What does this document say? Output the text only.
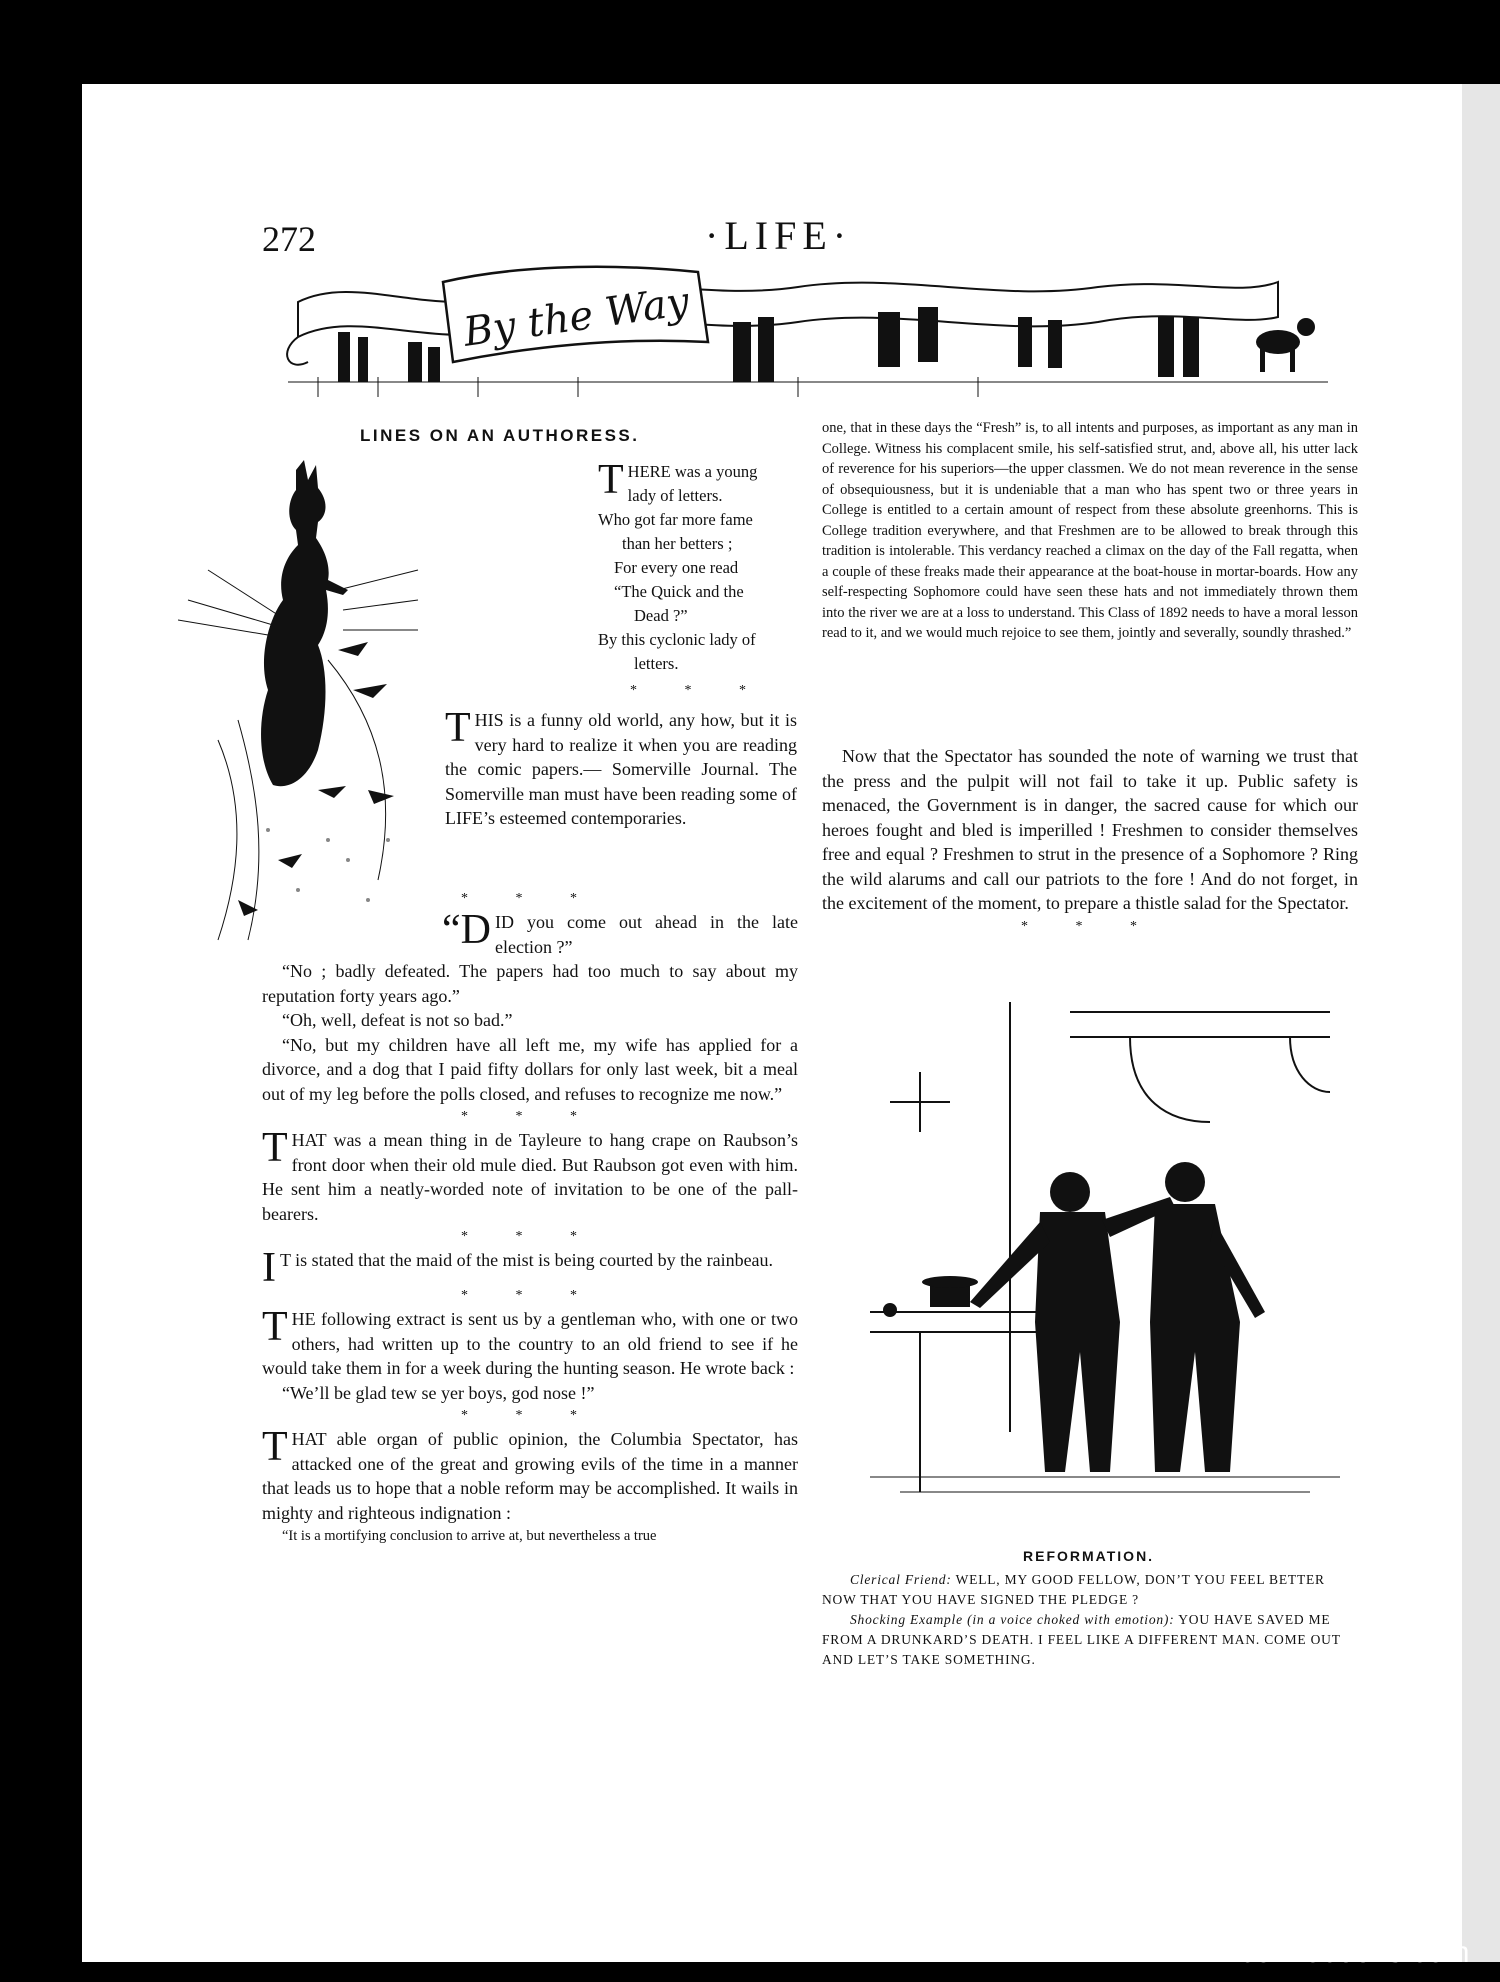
272	·LIFE·
By the Way
LINES ON AN AUTHORESS.
THERE was a young
lady of letters.
Who got far more fame
than her betters ;
For every one read
“The Quick and the
Dead ?”
By this cyclonic lady of
letters.
* * *

THIS is a funny old world, any how, but it is very hard to realize it when you are reading the comic papers.— Somerville Journal. The Somerville man must have been reading some of LIFE’s esteemed contemporaries.

* * *

“DID you come out ahead in the late election ?”

“No ; badly defeated. The papers had too much to say about my reputation forty years ago.”

“Oh, well, defeat is not so bad.”

“No, but my children have all left me, my wife has applied for a divorce, and a dog that I paid fifty dollars for only last week, bit a meal out of my leg before the polls closed, and refuses to recognize me now.”

* * *

THAT was a mean thing in de Tayleure to hang crape on Raubson’s front door when their old mule died. But Raubson got even with him. He sent him a neatly-worded note of invitation to be one of the pall-bearers.

* * *

I T is stated that the maid of the mist is being courted by the rainbeau.

* * *

THE following extract is sent us by a gentleman who, with one or two others, had written up to the country to an old friend to see if he would take them in for a week during the hunting season. He wrote back :

“We’ll be glad tew se yer boys, god nose !”

* * *

THAT able organ of public opinion, the Columbia Spectator, has attacked one of the great and growing evils of the time in a manner that leads us to hope that a noble reform may be accomplished. It wails in mighty and righteous indignation :

“It is a mortifying conclusion to arrive at, but nevertheless a true

one, that in these days the “Fresh” is, to all intents and purposes, as important as any man in College. Witness his complacent smile, his self-satisfied strut, and, above all, his utter lack of reverence for his superiors—the upper classmen. We do not mean reverence in the sense of obsequiousness, but it is undeniable that a man who has spent two or three years in College is entitled to a certain amount of respect from these absolute greenhorns. This is College tradition everywhere, and that Freshmen are to be allowed to break through this tradition is intolerable. This verdancy reached a climax on the day of the Fall regatta, when a couple of these freaks made their appearance at the boat-house in mortar-boards. How any self-respecting Sophomore could have seen these hats and not immediately thrown them into the river we are at a loss to understand. This Class of 1892 needs to have a moral lesson read to it, and we would much rejoice to see them, jointly and severally, soundly thrashed.”

Now that the Spectator has sounded the note of warning we trust that the press and the pulpit will not fail to take it up. Public safety is menaced, the Government is in danger, the sacred cause for which our heroes fought and bled is imperilled ! Freshmen to consider themselves free and equal ? Freshmen to strut in the presence of a Sophomore ? Ring the wild alarums and call our patriots to the fore ! And do not forget, in the excitement of the moment, to prepare a thistle salad for the Spectator.

* * *
REFORMATION.
Clerical Friend: WELL, MY GOOD FELLOW, DON’T YOU FEEL BETTER NOW THAT YOU HAVE SIGNED THE PLEDGE ?
Shocking Example (in a voice choked with emotion): YOU HAVE SAVED ME FROM A DRUNKARD’S DEATH. I FEEL LIKE A DIFFERENT MAN. COME OUT AND LET’S TAKE SOMETHING.
comicbooks.com
